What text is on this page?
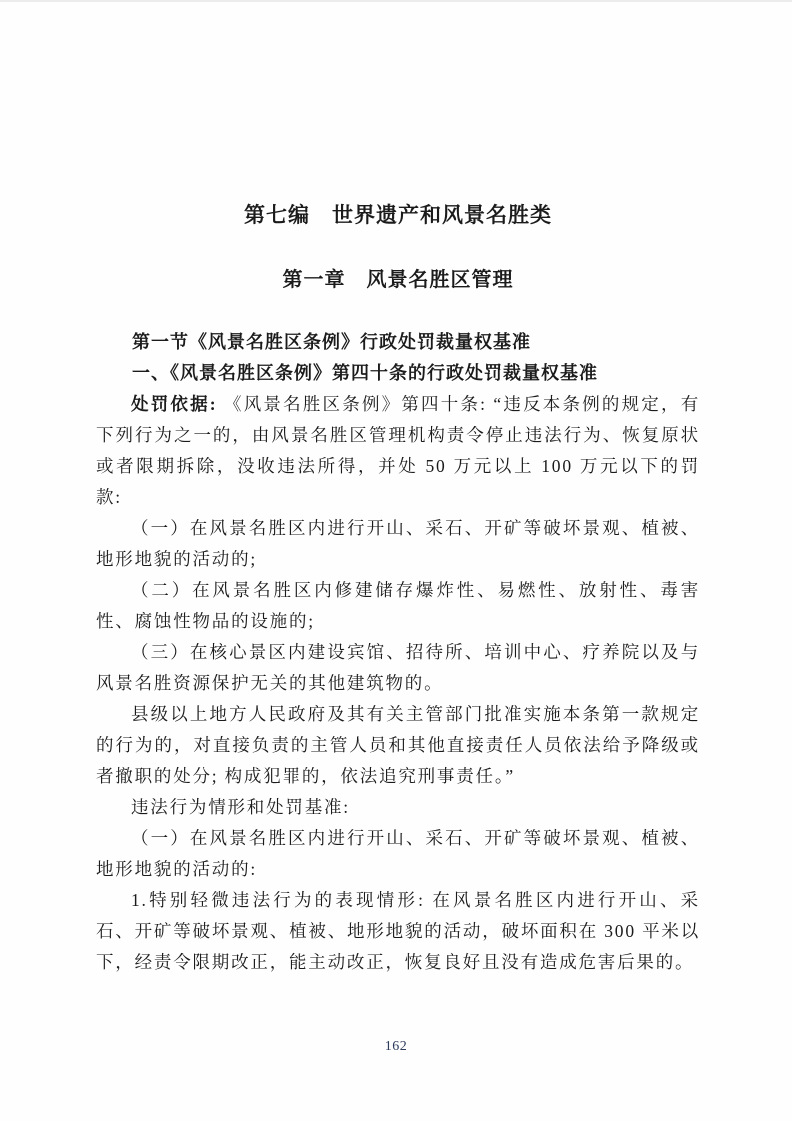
第七编　世界遗产和风景名胜类
第一章　风景名胜区管理
第一节《风景名胜区条例》行政处罚裁量权基准
一、《风景名胜区条例》第四十条的行政处罚裁量权基准

处罚依据: 《风景名胜区条例》第四十条: “违反本条例的规定，有下列行为之一的，由风景名胜区管理机构责令停止违法行为、恢复原状或者限期拆除，没收违法所得，并处 50 万元以上 100 万元以下的罚款:

（一）在风景名胜区内进行开山、采石、开矿等破坏景观、植被、地形地貌的活动的;

（二）在风景名胜区内修建储存爆炸性、易燃性、放射性、毒害性、腐蚀性物品的设施的;

（三）在核心景区内建设宾馆、招待所、培训中心、疗养院以及与风景名胜资源保护无关的其他建筑物的。

县级以上地方人民政府及其有关主管部门批准实施本条第一款规定的行为的，对直接负责的主管人员和其他直接责任人员依法给予降级或者撤职的处分; 构成犯罪的，依法追究刑事责任。”

违法行为情形和处罚基准:

（一）在风景名胜区内进行开山、采石、开矿等破坏景观、植被、地形地貌的活动的:

1.特别轻微违法行为的表现情形: 在风景名胜区内进行开山、采石、开矿等破坏景观、植被、地形地貌的活动，破坏面积在 300 平米以下，经责令限期改正，能主动改正，恢复良好且没有造成危害后果的。

162
